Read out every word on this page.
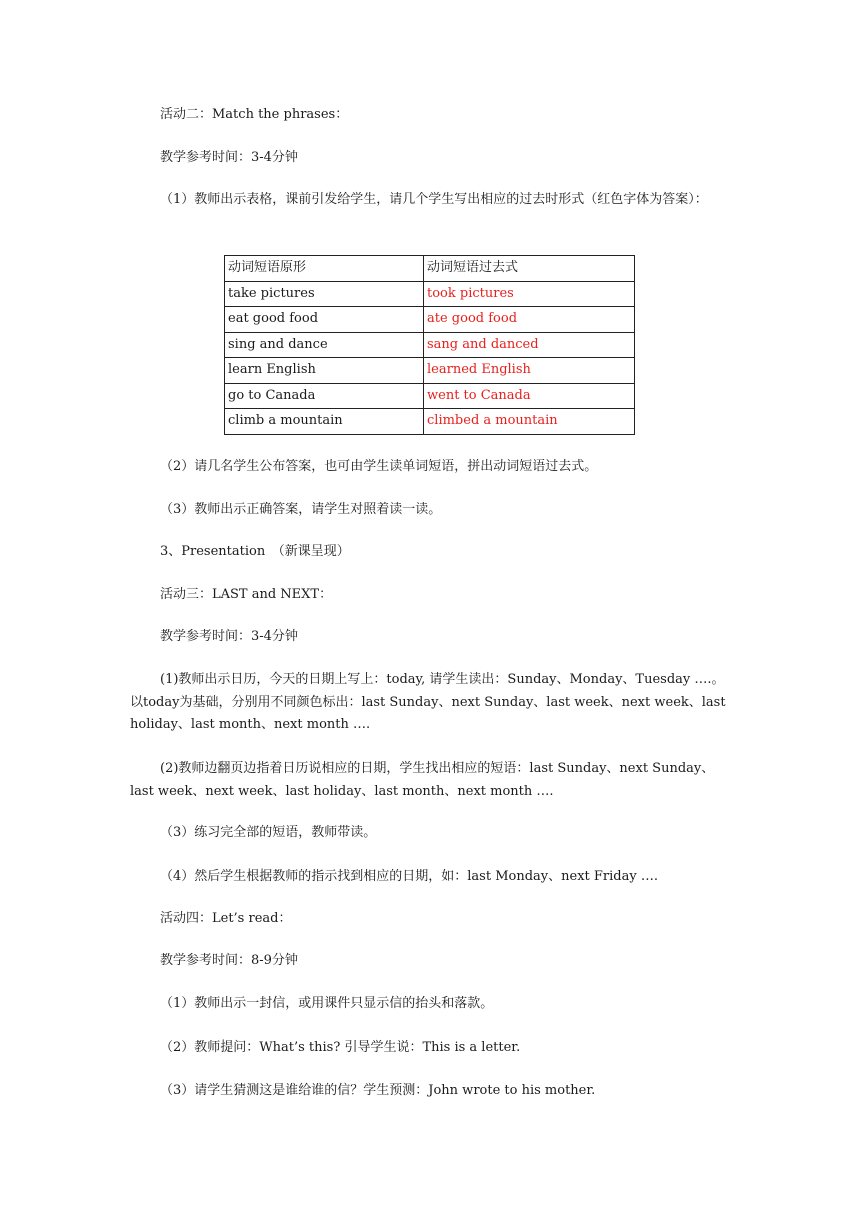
活动二：Match the phrases：
教学参考时间：3-4分钟
（1）教师出示表格，课前引发给学生，请几个学生写出相应的过去时形式（红色字体为答案）：
动词短语原形	动词短语过去式
take pictures	took pictures
eat good food	ate good food
sing and dance	sang and danced
learn English	learned English
go to Canada	went to Canada
climb a mountain	climbed a mountain
（2）请几名学生公布答案，也可由学生读单词短语，拼出动词短语过去式。
（3）教师出示正确答案，请学生对照着读一读。
3、Presentation　（新课呈现）
活动三：LAST and NEXT：
教学参考时间：3-4分钟
(1)教师出示日历，今天的日期上写上：today, 请学生读出：Sunday、Monday、Tuesday ….。以today为基础，分别用不同颜色标出：last Sunday、next Sunday、last week、next week、last holiday、last month、next month ….
(2)教师边翻页边指着日历说相应的日期，学生找出相应的短语：last Sunday、next Sunday、last week、next week、last holiday、last month、next month ….
（3）练习完全部的短语，教师带读。
（4）然后学生根据教师的指示找到相应的日期，如：last Monday、next Friday ….
活动四：Let’s read：
教学参考时间：8-9分钟
（1）教师出示一封信，或用课件只显示信的抬头和落款。
（2）教师提问：What’s this? 引导学生说：This is a letter.
（3）请学生猜测这是谁给谁的信？学生预测：John wrote to his mother.
